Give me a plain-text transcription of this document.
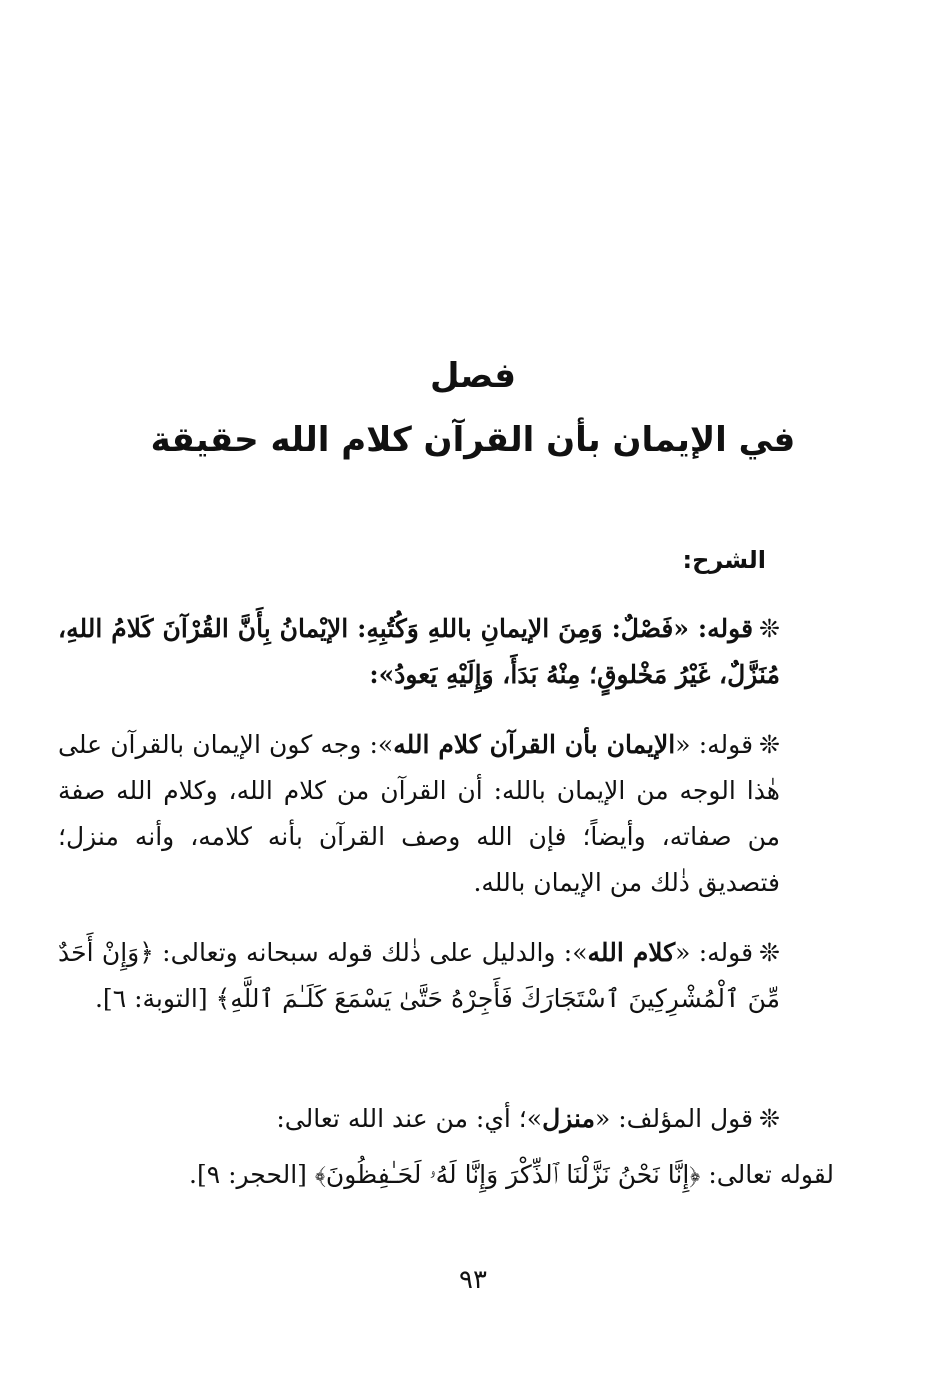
فصل
في الإيمان بأن القرآن كلام الله حقيقة
الشرح:
❊قوله: «فَصْلٌ: وَمِنَ الإيمانِ باللهِ وَكُتُبِهِ: الإيْمانُ بِأَنَّ القُرْآنَ كَلامُ اللهِ، مُنَزَّلٌ، غَيْرُ مَخْلوقٍ؛ مِنْهُ بَدَأَ، وَإِلَيْهِ يَعودُ»:
❊قوله: «الإيمان بأن القرآن كلام الله»: وجه كون الإيمان بالقرآن على هٰذا الوجه من الإيمان بالله: أن القرآن من كلام الله، وكلام الله صفة من صفاته، وأيضاً؛ فإن الله وصف القرآن بأنه كلامه، وأنه منزل؛ فتصديق ذٰلك من الإيمان بالله.
❊قوله: «كلام الله»: والدليل على ذٰلك قوله سبحانه وتعالى: ﴿وَإِنْ أَحَدٌ مِّنَ ٱلْمُشْرِكِينَ ٱسْتَجَارَكَ فَأَجِرْهُ حَتَّىٰ يَسْمَعَ كَلَـٰمَ ٱللَّهِ﴾ [التوبة: ٦].
❊قول المؤلف: «منزل»؛ أي: من عند الله تعالى:
لقوله تعالى: ﴿إِنَّا نَحْنُ نَزَّلْنَا ٱلذِّكْرَ وَإِنَّا لَهُۥ لَحَـٰفِظُونَ﴾ [الحجر: ٩].
٩٣
